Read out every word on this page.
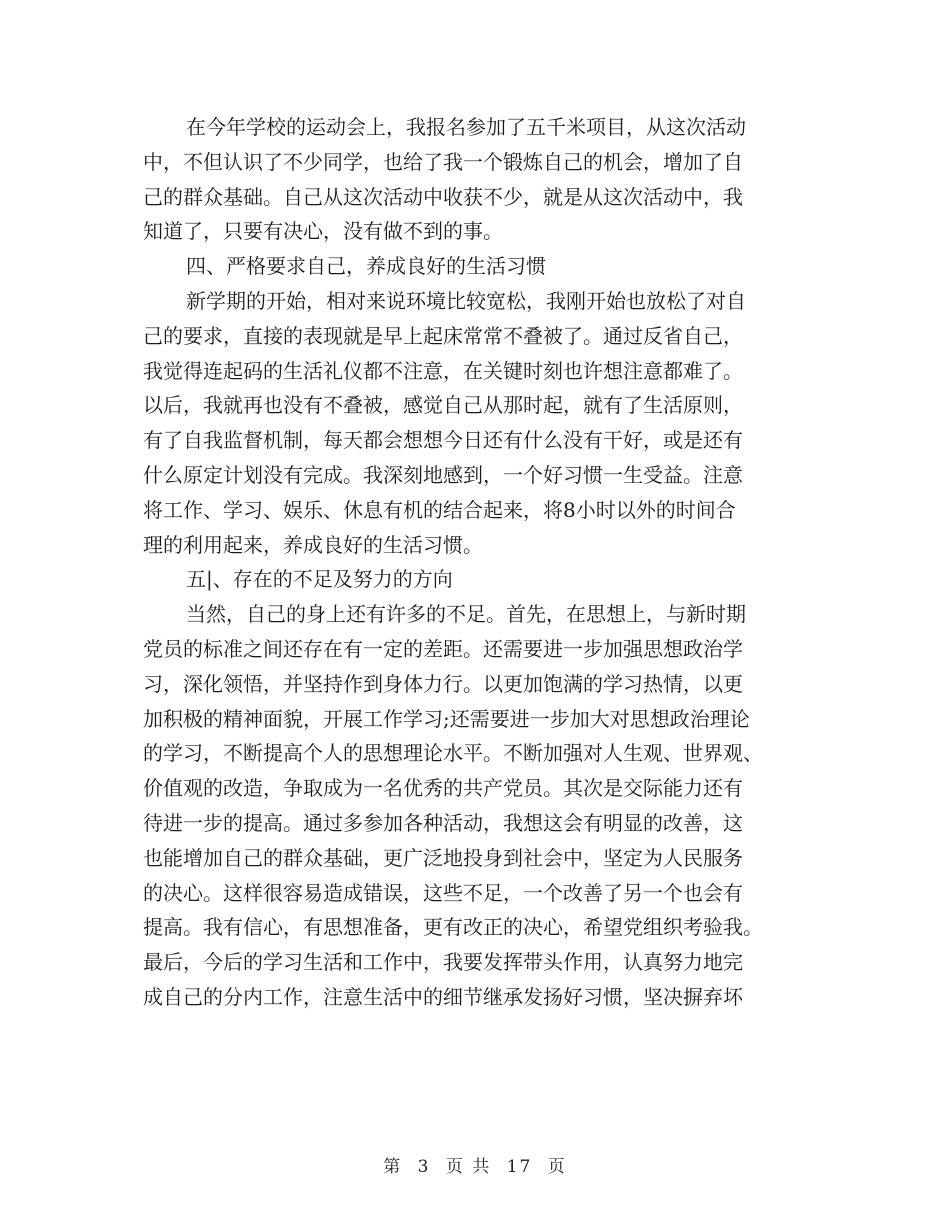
在今年学校的运动会上，我报名参加了五千米项目，从这次活动
中，不但认识了不少同学，也给了我一个锻炼自己的机会，增加了自
己的群众基础。自己从这次活动中收获不少，就是从这次活动中，我
知道了，只要有决心，没有做不到的事。
四、严格要求自己，养成良好的生活习惯
新学期的开始，相对来说环境比较宽松，我刚开始也放松了对自
己的要求，直接的表现就是早上起床常常不叠被了。通过反省自己，
我觉得连起码的生活礼仪都不注意，在关键时刻也许想注意都难了。
以后，我就再也没有不叠被，感觉自己从那时起，就有了生活原则，
有了自我监督机制，每天都会想想今日还有什么没有干好，或是还有
什么原定计划没有完成。我深刻地感到，一个好习惯一生受益。注意
将工作、学习、娱乐、休息有机的结合起来，将8小时以外的时间合
理的利用起来，养成良好的生活习惯。
五|、存在的不足及努力的方向
当然，自己的身上还有许多的不足。首先，在思想上，与新时期
党员的标准之间还存在有一定的差距。还需要进一步加强思想政治学
习，深化领悟，并坚持作到身体力行。以更加饱满的学习热情，以更
加积极的精神面貌，开展工作学习;还需要进一步加大对思想政治理论
的学习，不断提高个人的思想理论水平。不断加强对人生观、世界观、
价值观的改造，争取成为一名优秀的共产党员。其次是交际能力还有
待进一步的提高。通过多参加各种活动，我想这会有明显的改善，这
也能增加自己的群众基础，更广泛地投身到社会中，坚定为人民服务
的决心。这样很容易造成错误，这些不足，一个改善了另一个也会有
提高。我有信心，有思想准备，更有改正的决心，希望党组织考验我。
最后，今后的学习生活和工作中，我要发挥带头作用，认真努力地完
成自己的分内工作，注意生活中的细节继承发扬好习惯，坚决摒弃坏
第 3 页 共 17 页
